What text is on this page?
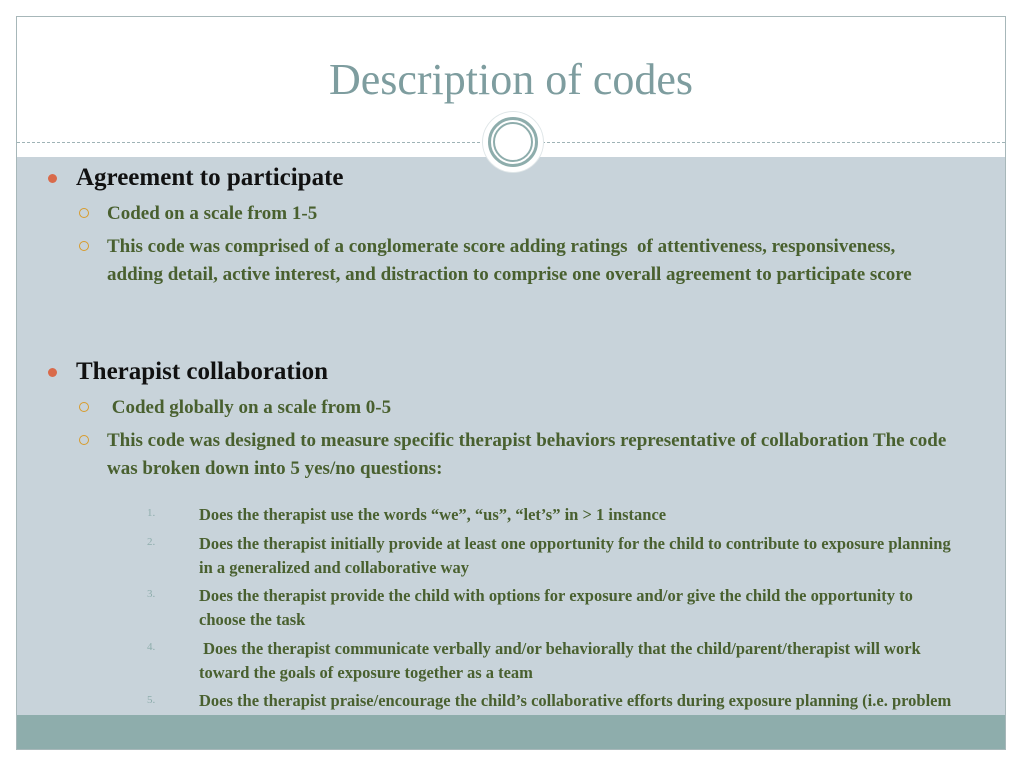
Description of codes
Agreement to participate
Coded on a scale from 1-5
This code was comprised of a conglomerate score adding ratings  of attentiveness, responsiveness, adding detail, active interest, and distraction to comprise one overall agreement to participate score
Therapist collaboration
Coded globally on a scale from 0-5
This code was designed to measure specific therapist behaviors representative of collaboration The code was broken down into 5 yes/no questions:
1.	Does the therapist use the words “we”, “us”, “let’s” in > 1 instance
2.	Does the therapist initially provide at least one opportunity for the child to contribute to exposure planning in a generalized and collaborative way
3.	Does the therapist provide the child with options for exposure and/or give the child the opportunity to choose the task
4.	Does the therapist communicate verbally and/or behaviorally that the child/parent/therapist will work toward the goals of exposure together as a team
5.	Does the therapist praise/encourage the child’s collaborative efforts during exposure planning (i.e. problem
